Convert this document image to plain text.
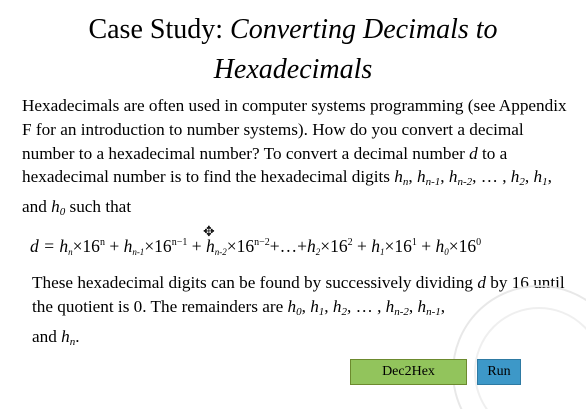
Case Study: Converting Decimals to
Hexadecimals
Hexadecimals are often used in computer systems programming (see Appendix F for an introduction to number systems). How do you convert a decimal number to a hexadecimal number? To convert a decimal number d to a hexadecimal number is to find the hexadecimal digits hn, hn-1, hn-2, … , h2, h1, and h0 such that
$d = h_n\times 16^n + h_{n-1}\times 16^{n-1}$ + $h_{n-2}\times 16^{n-2}+\dots+h_2\times 16^2 + h_1\times 16^1 + h_0\times 16^0$
✥
These hexadecimal digits can be found by successively dividing d by 16 until the quotient is 0. The remainders are h0, h1, h2, … , hn-2, hn-1,
and hn.
Dec2Hex	Run
